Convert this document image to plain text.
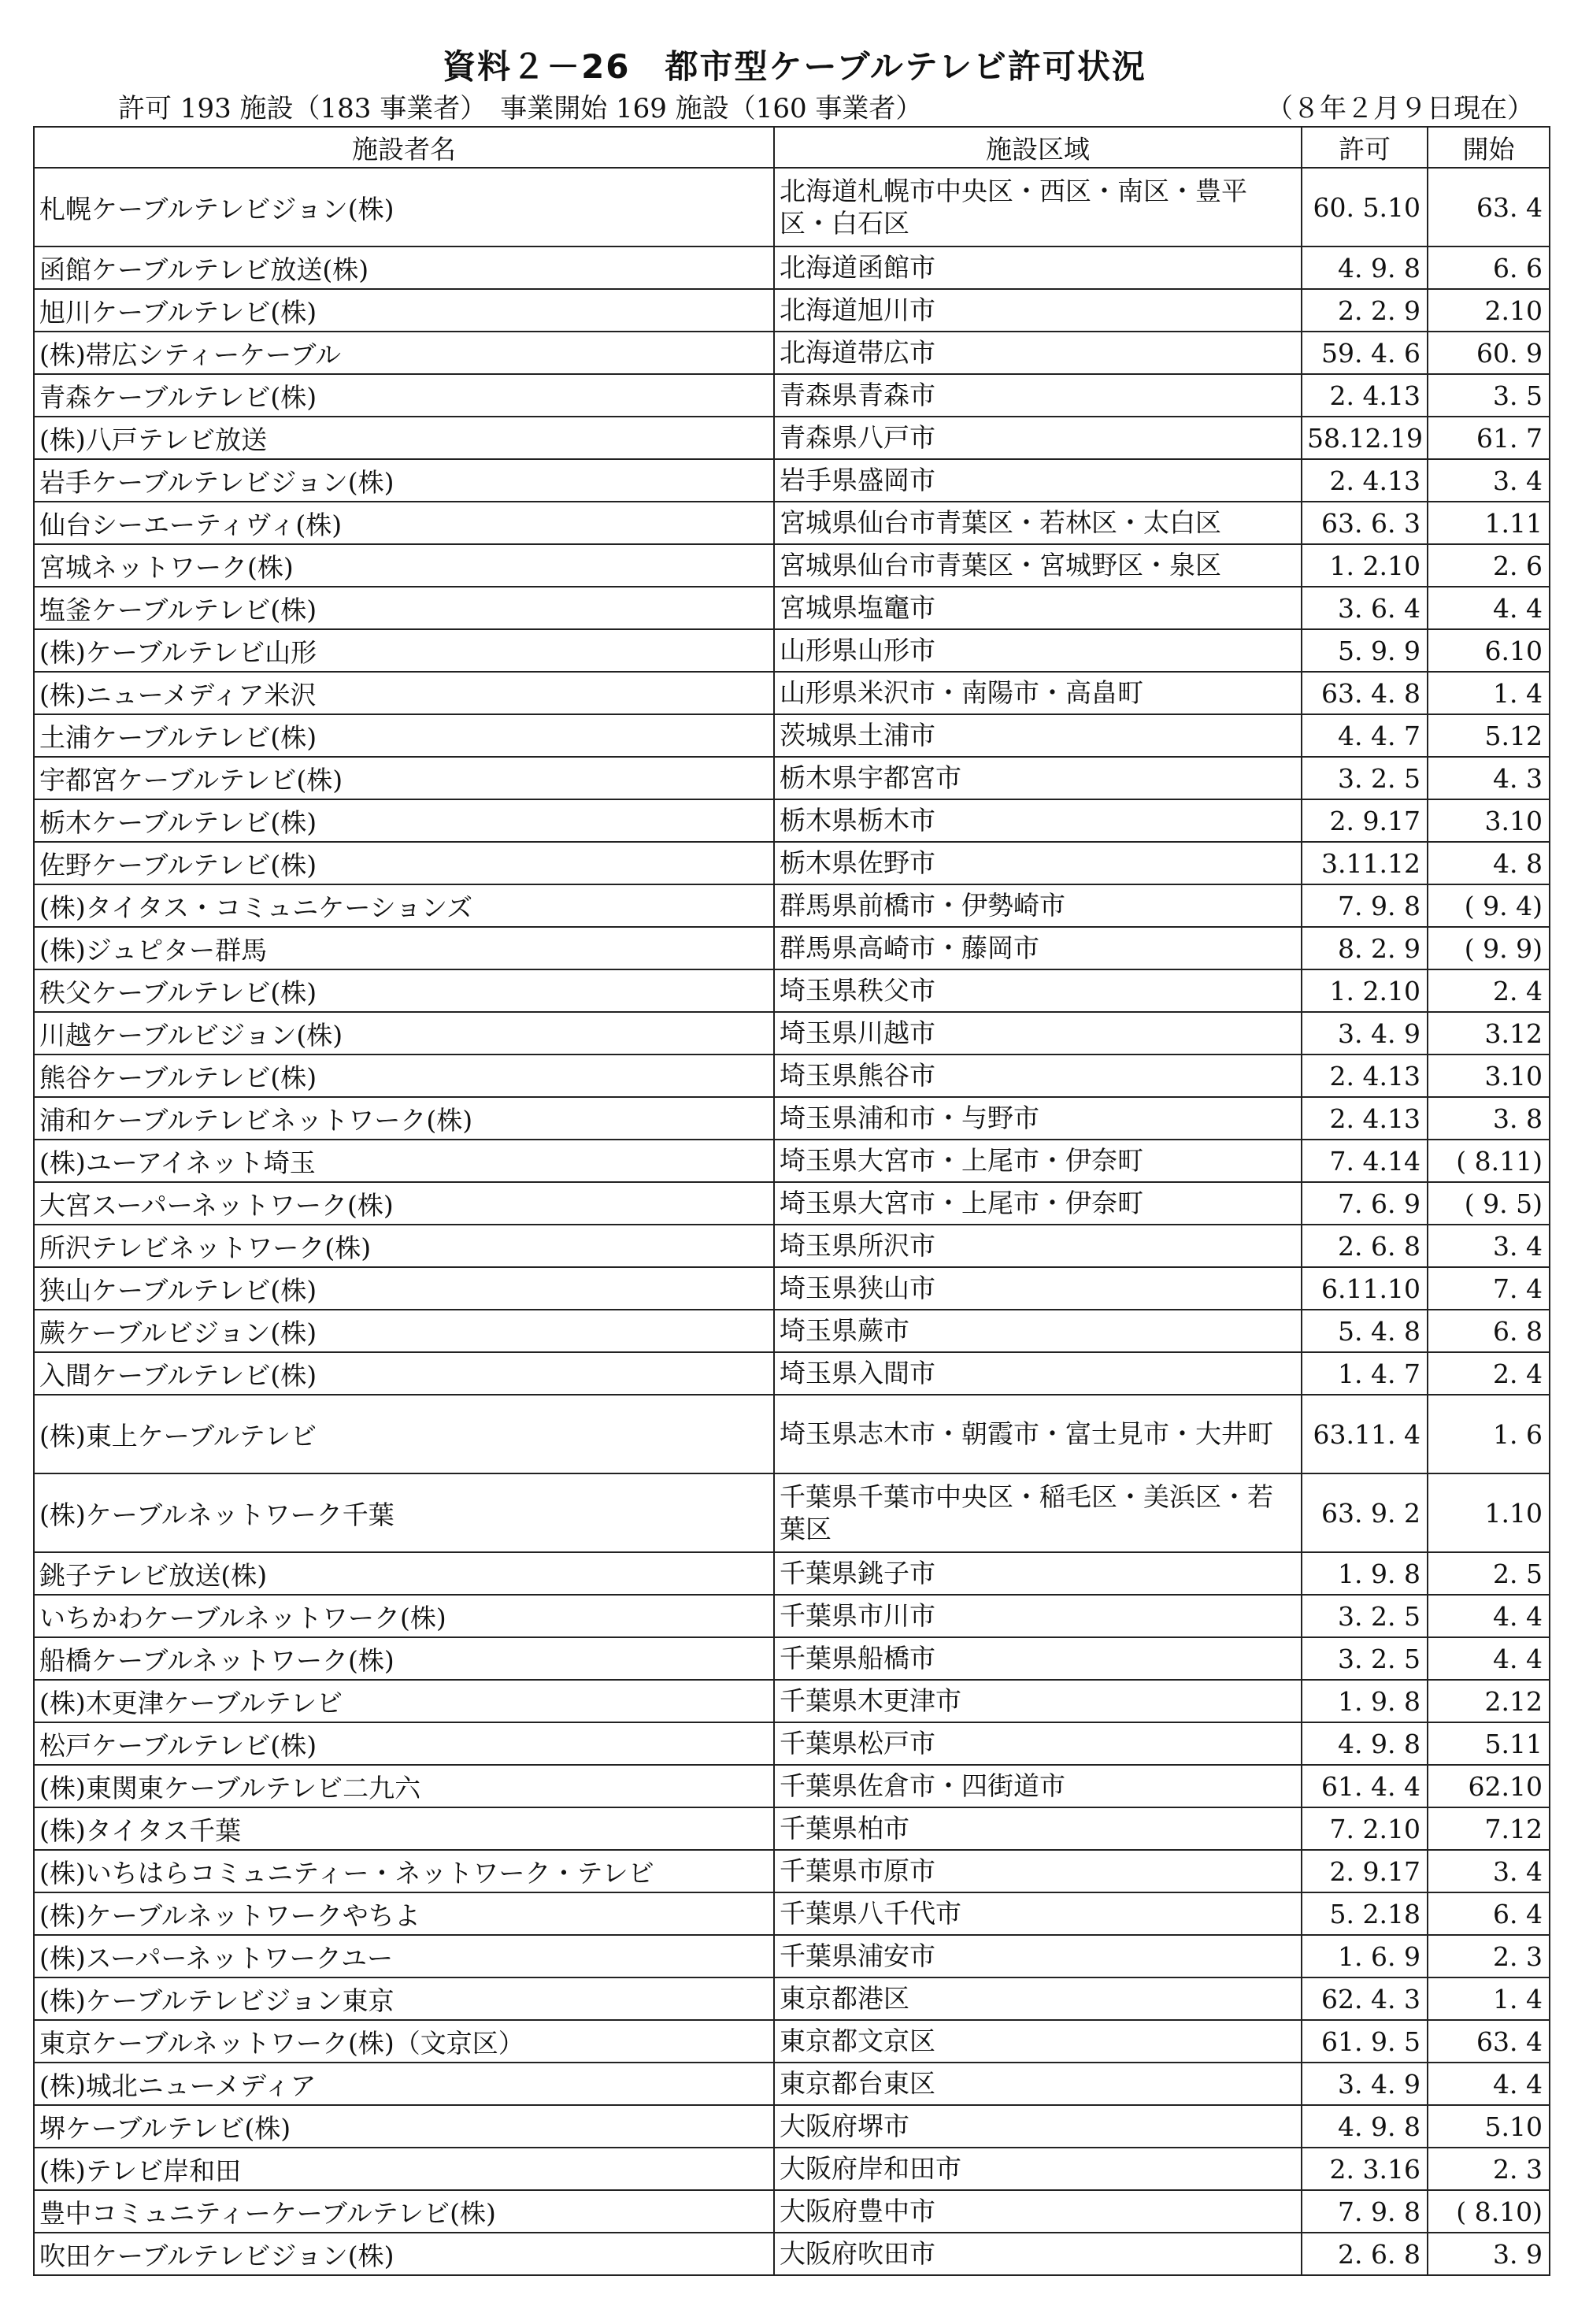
資料２－26　都市型ケーブルテレビ許可状況
許可 193 施設（183 事業者）　事業開始 169 施設（160 事業者）	（８年２月９日現在）
施設者名	施設区域	許可	開始
札幌ケーブルテレビジョン(株)	北海道札幌市中央区・西区・南区・豊平区・白石区	60. 5.10	63. 4
函館ケーブルテレビ放送(株)	北海道函館市	4. 9. 8	6. 6
旭川ケーブルテレビ(株)	北海道旭川市	2. 2. 9	2.10
(株)帯広シティーケーブル	北海道帯広市	59. 4. 6	60. 9
青森ケーブルテレビ(株)	青森県青森市	2. 4.13	3. 5
(株)八戸テレビ放送	青森県八戸市	58.12.19	61. 7
岩手ケーブルテレビジョン(株)	岩手県盛岡市	2. 4.13	3. 4
仙台シーエーティヴィ(株)	宮城県仙台市青葉区・若林区・太白区	63. 6. 3	1.11
宮城ネットワーク(株)	宮城県仙台市青葉区・宮城野区・泉区	1. 2.10	2. 6
塩釜ケーブルテレビ(株)	宮城県塩竈市	3. 6. 4	4. 4
(株)ケーブルテレビ山形	山形県山形市	5. 9. 9	6.10
(株)ニューメディア米沢	山形県米沢市・南陽市・高畠町	63. 4. 8	1. 4
土浦ケーブルテレビ(株)	茨城県土浦市	4. 4. 7	5.12
宇都宮ケーブルテレビ(株)	栃木県宇都宮市	3. 2. 5	4. 3
栃木ケーブルテレビ(株)	栃木県栃木市	2. 9.17	3.10
佐野ケーブルテレビ(株)	栃木県佐野市	3.11.12	4. 8
(株)タイタス・コミュニケーションズ	群馬県前橋市・伊勢崎市	7. 9. 8	( 9. 4)
(株)ジュピター群馬	群馬県高崎市・藤岡市	8. 2. 9	( 9. 9)
秩父ケーブルテレビ(株)	埼玉県秩父市	1. 2.10	2. 4
川越ケーブルビジョン(株)	埼玉県川越市	3. 4. 9	3.12
熊谷ケーブルテレビ(株)	埼玉県熊谷市	2. 4.13	3.10
浦和ケーブルテレビネットワーク(株)	埼玉県浦和市・与野市	2. 4.13	3. 8
(株)ユーアイネット埼玉	埼玉県大宮市・上尾市・伊奈町	7. 4.14	( 8.11)
大宮スーパーネットワーク(株)	埼玉県大宮市・上尾市・伊奈町	7. 6. 9	( 9. 5)
所沢テレビネットワーク(株)	埼玉県所沢市	2. 6. 8	3. 4
狭山ケーブルテレビ(株)	埼玉県狭山市	6.11.10	7. 4
蕨ケーブルビジョン(株)	埼玉県蕨市	5. 4. 8	6. 8
入間ケーブルテレビ(株)	埼玉県入間市	1. 4. 7	2. 4
(株)東上ケーブルテレビ	埼玉県志木市・朝霞市・富士見市・大井町	63.11. 4	1. 6
(株)ケーブルネットワーク千葉	千葉県千葉市中央区・稲毛区・美浜区・若葉区	63. 9. 2	1.10
銚子テレビ放送(株)	千葉県銚子市	1. 9. 8	2. 5
いちかわケーブルネットワーク(株)	千葉県市川市	3. 2. 5	4. 4
船橋ケーブルネットワーク(株)	千葉県船橋市	3. 2. 5	4. 4
(株)木更津ケーブルテレビ	千葉県木更津市	1. 9. 8	2.12
松戸ケーブルテレビ(株)	千葉県松戸市	4. 9. 8	5.11
(株)東関東ケーブルテレビ二九六	千葉県佐倉市・四街道市	61. 4. 4	62.10
(株)タイタス千葉	千葉県柏市	7. 2.10	7.12
(株)いちはらコミュニティー・ネットワーク・テレビ	千葉県市原市	2. 9.17	3. 4
(株)ケーブルネットワークやちよ	千葉県八千代市	5. 2.18	6. 4
(株)スーパーネットワークユー	千葉県浦安市	1. 6. 9	2. 3
(株)ケーブルテレビジョン東京	東京都港区	62. 4. 3	1. 4
東京ケーブルネットワーク(株)（文京区）	東京都文京区	61. 9. 5	63. 4
(株)城北ニューメディア	東京都台東区	3. 4. 9	4. 4
堺ケーブルテレビ(株)	大阪府堺市	4. 9. 8	5.10
(株)テレビ岸和田	大阪府岸和田市	2. 3.16	2. 3
豊中コミュニティーケーブルテレビ(株)	大阪府豊中市	7. 9. 8	( 8.10)
吹田ケーブルテレビジョン(株)	大阪府吹田市	2. 6. 8	3. 9
